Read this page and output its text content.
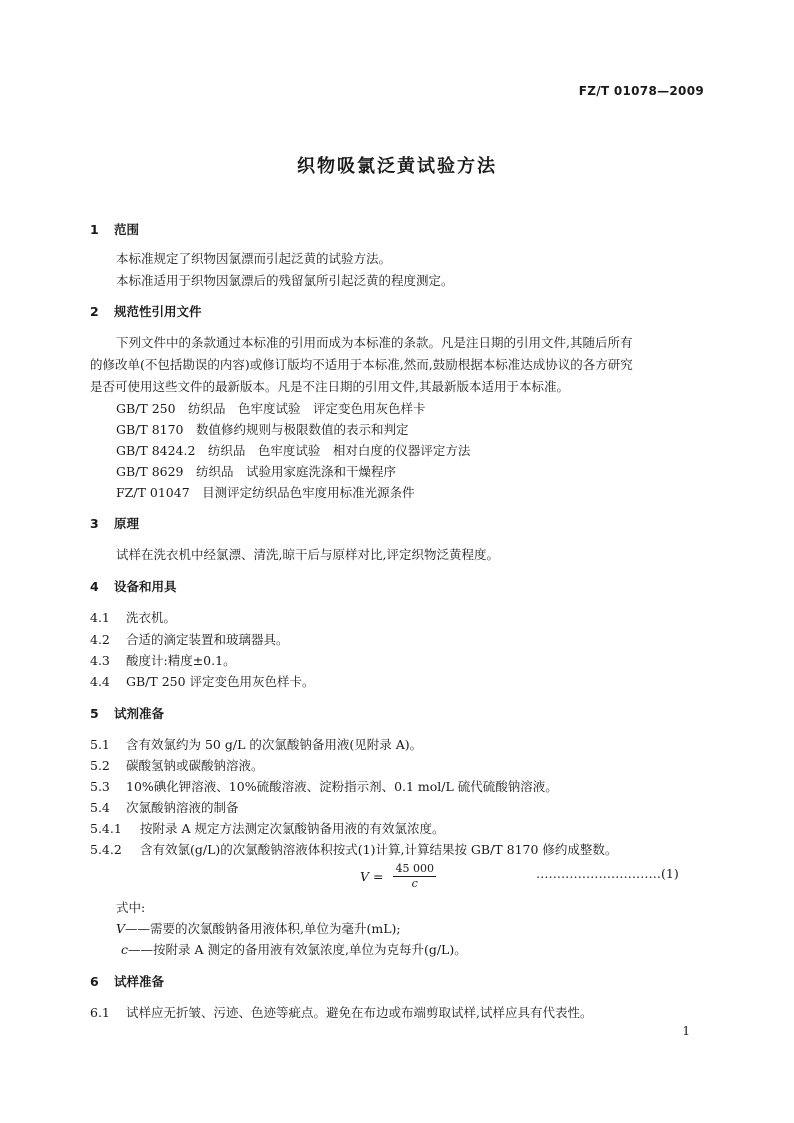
FZ/T 01078—2009
织物吸氯泛黄试验方法
1 范围
本标准规定了织物因氯漂而引起泛黄的试验方法。
本标准适用于织物因氯漂后的残留氯所引起泛黄的程度测定。
2 规范性引用文件
下列文件中的条款通过本标准的引用而成为本标准的条款。凡是注日期的引用文件,其随后所有
的修改单(不包括勘误的内容)或修订版均不适用于本标准,然而,鼓励根据本标准达成协议的各方研究
是否可使用这些文件的最新版本。凡是不注日期的引用文件,其最新版本适用于本标准。
GB/T 250　纺织品　色牢度试验　评定变色用灰色样卡
GB/T 8170　数值修约规则与极限数值的表示和判定
GB/T 8424.2　纺织品　色牢度试验　相对白度的仪器评定方法
GB/T 8629　纺织品　试验用家庭洗涤和干燥程序
FZ/T 01047　目测评定纺织品色牢度用标准光源条件
3 原理
试样在洗衣机中经氯漂、清洗,晾干后与原样对比,评定织物泛黄程度。
4 设备和用具
4.1 洗衣机。
4.2 合适的滴定装置和玻璃器具。
4.3 酸度计:精度±0.1。
4.4 GB/T 250 评定变色用灰色样卡。
5 试剂准备
5.1 含有效氯约为 50 g/L 的次氯酸钠备用液(见附录 A)。
5.2 碳酸氢钠或碳酸钠溶液。
5.3 10%碘化钾溶液、10%硫酸溶液、淀粉指示剂、0.1 mol/L 硫代硫酸钠溶液。
5.4 次氯酸钠溶液的制备
5.4.1 按附录 A 规定方法测定次氯酸钠备用液的有效氯浓度。
5.4.2 含有效氯(g/L)的次氯酸钠溶液体积按式(1)计算,计算结果按 GB/T 8170 修约成整数。
$V = \frac{45 000}{c}$	…………………………(1)
式中:
V——需要的次氯酸钠备用液体积,单位为毫升(mL);
c——按附录 A 测定的备用液有效氯浓度,单位为克每升(g/L)。
6 试样准备
6.1 试样应无折皱、污迹、色迹等疵点。避免在布边或布端剪取试样,试样应具有代表性。
1
